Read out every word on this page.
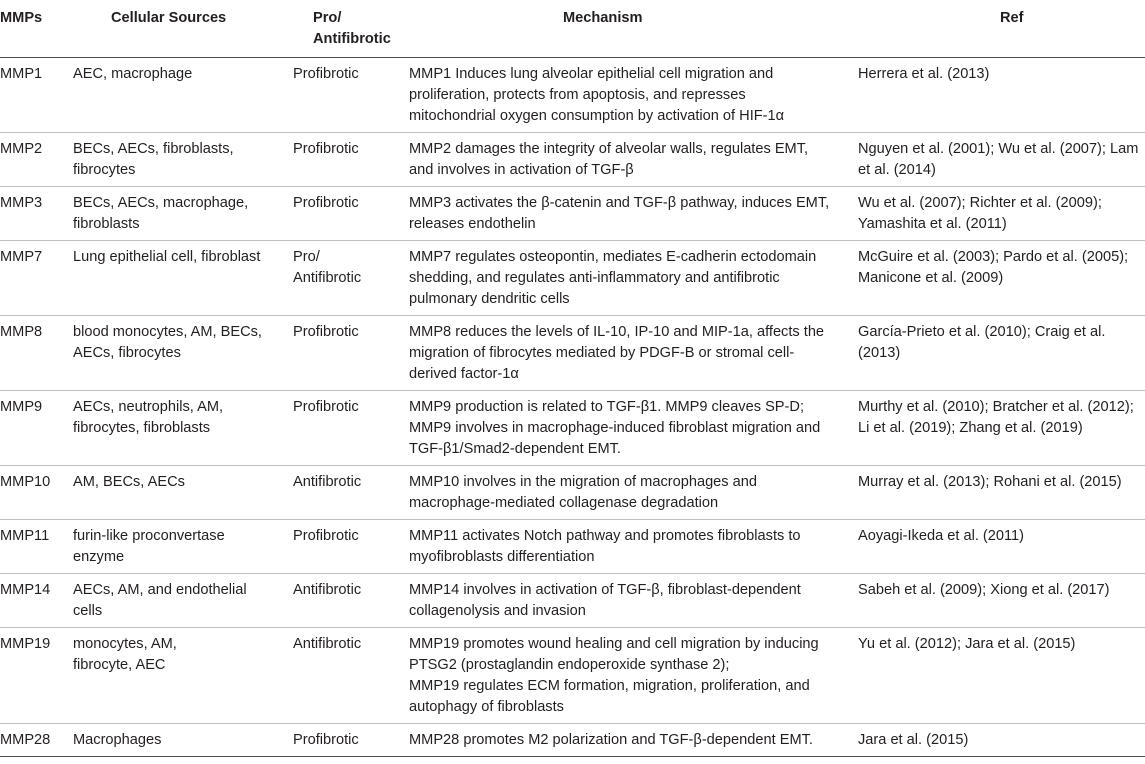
MMPs	Cellular Sources	Pro/
Antifibrotic	Mechanism	Ref

MMP1	AEC, macrophage	Profibrotic	MMP1 Induces lung alveolar epithelial cell migration and
proliferation, protects from apoptosis, and represses
mitochondrial oxygen consumption by activation of HIF-1α	Herrera et al. (2013)

MMP2	BECs, AECs, fibroblasts,
fibrocytes	Profibrotic	MMP2 damages the integrity of alveolar walls, regulates EMT,
and involves in activation of TGF-β	Nguyen et al. (2001); Wu et al. (2007); Lam
et al. (2014)

MMP3	BECs, AECs, macrophage,
fibroblasts	Profibrotic	MMP3 activates the β-catenin and TGF-β pathway, induces EMT,
releases endothelin	Wu et al. (2007); Richter et al. (2009);
Yamashita et al. (2011)

MMP7	Lung epithelial cell, fibroblast	Pro/
Antifibrotic	MMP7 regulates osteopontin, mediates E-cadherin ectodomain
shedding, and regulates anti-inflammatory and antifibrotic
pulmonary dendritic cells	McGuire et al. (2003); Pardo et al. (2005);
Manicone et al. (2009)

MMP8	blood monocytes, AM, BECs,
AECs, fibrocytes	Profibrotic	MMP8 reduces the levels of IL-10, IP-10 and MIP-1a, affects the
migration of fibrocytes mediated by PDGF-B or stromal cell-
derived factor-1α	García-Prieto et al. (2010); Craig et al.
(2013)

MMP9	AECs, neutrophils, AM,
fibrocytes, fibroblasts	Profibrotic	MMP9 production is related to TGF-β1. MMP9 cleaves SP-D;
MMP9 involves in macrophage-induced fibroblast migration and
TGF-β1/Smad2-dependent EMT.	Murthy et al. (2010); Bratcher et al. (2012);
Li et al. (2019); Zhang et al. (2019)

MMP10	AM, BECs, AECs	Antifibrotic	MMP10 involves in the migration of macrophages and
macrophage-mediated collagenase degradation	Murray et al. (2013); Rohani et al. (2015)

MMP11	furin-like proconvertase
enzyme	Profibrotic	MMP11 activates Notch pathway and promotes fibroblasts to
myofibroblasts differentiation	Aoyagi-Ikeda et al. (2011)

MMP14	AECs, AM, and endothelial
cells	Antifibrotic	MMP14 involves in activation of TGF-β, fibroblast-dependent
collagenolysis and invasion	Sabeh et al. (2009); Xiong et al. (2017)

MMP19	monocytes, AM,
fibrocyte, AEC	Antifibrotic	MMP19 promotes wound healing and cell migration by inducing
PTSG2 (prostaglandin endoperoxide synthase 2);
MMP19 regulates ECM formation, migration, proliferation, and
autophagy of fibroblasts	Yu et al. (2012); Jara et al. (2015)

MMP28	Macrophages	Profibrotic	MMP28 promotes M2 polarization and TGF-β-dependent EMT.	Jara et al. (2015)
